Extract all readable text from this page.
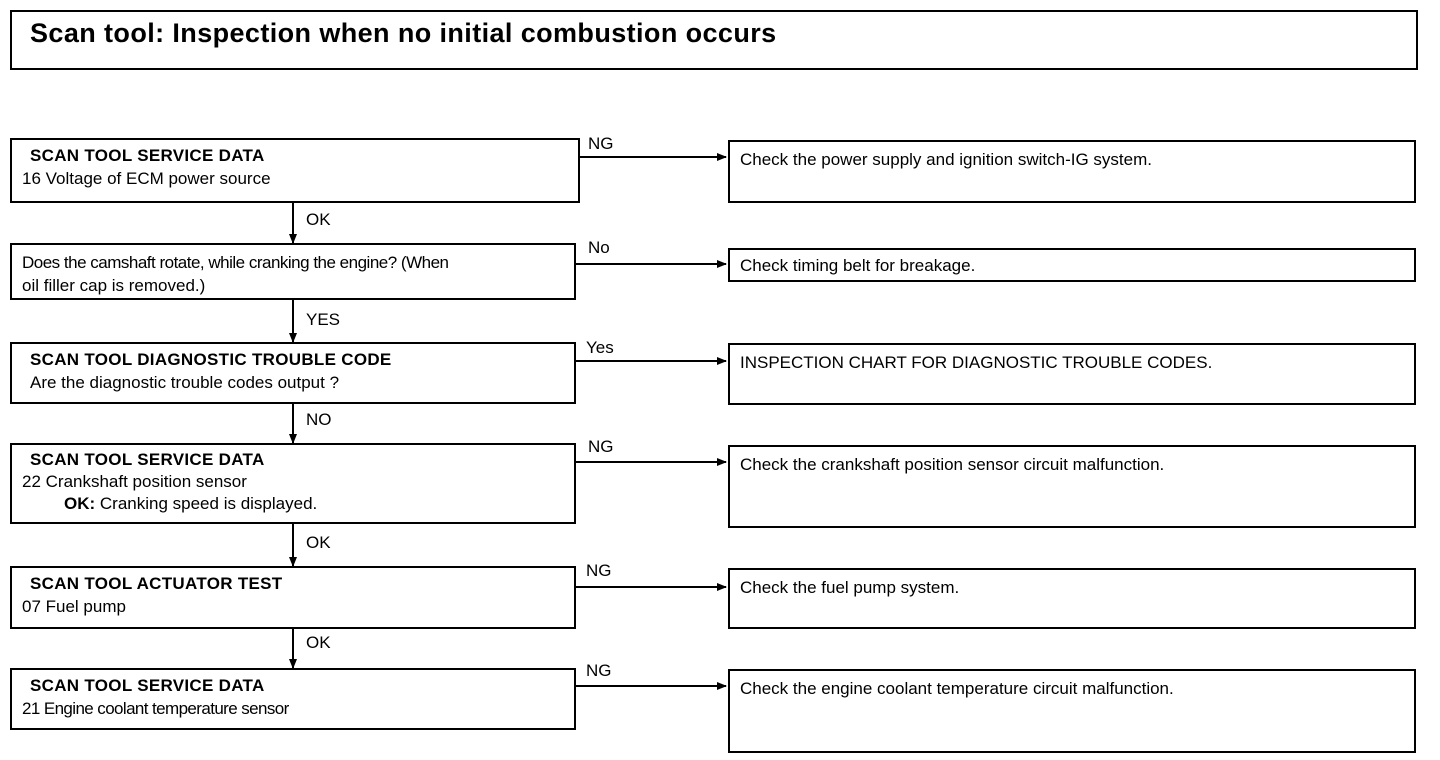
Scan tool: Inspection when no initial combustion occurs
SCAN TOOL SERVICE DATA
16 Voltage of ECM power source
NG
Check the power supply and ignition switch-IG system.
OK
Does the camshaft rotate, while cranking the engine? (When
oil filler cap is removed.)
No
Check timing belt for breakage.
YES
SCAN TOOL DIAGNOSTIC TROUBLE CODE
Are the diagnostic trouble codes output ?
Yes
INSPECTION CHART FOR DIAGNOSTIC TROUBLE CODES.
NO
SCAN TOOL SERVICE DATA
22 Crankshaft position sensor
OK: Cranking speed is displayed.
NG
Check the crankshaft position sensor circuit malfunction.
OK
SCAN TOOL ACTUATOR TEST
07 Fuel pump
NG
Check the fuel pump system.
OK
SCAN TOOL SERVICE DATA
21 Engine coolant temperature sensor
NG
Check the engine coolant temperature circuit malfunction.
